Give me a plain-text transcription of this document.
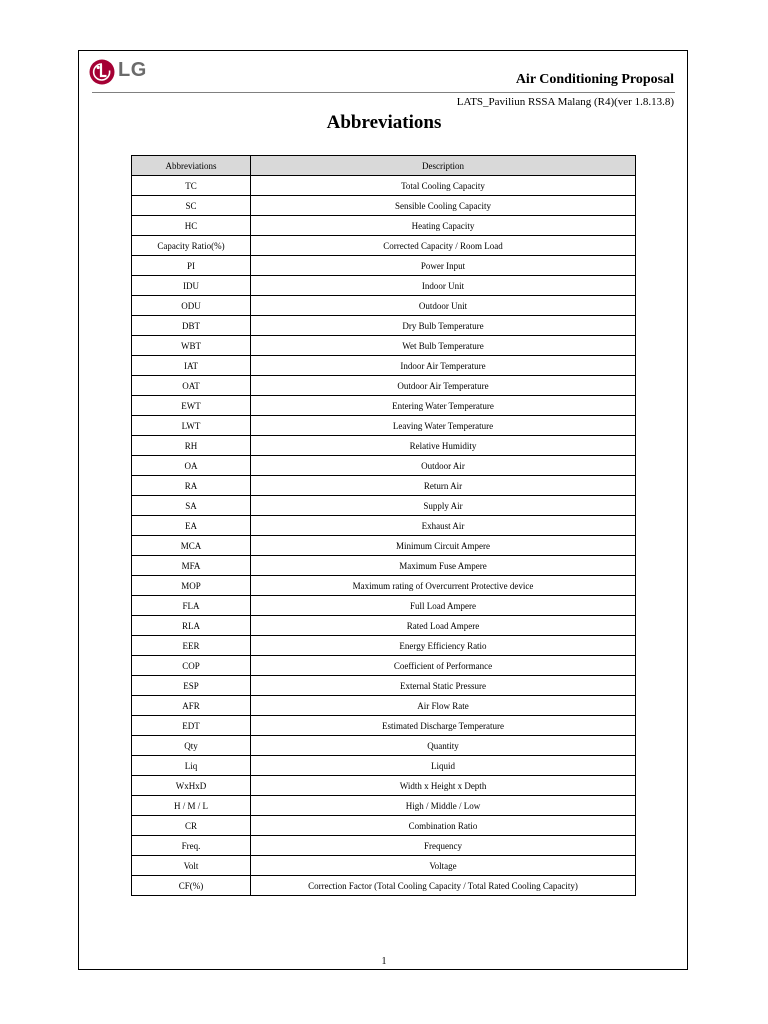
LG	Air Conditioning Proposal
LATS_Paviliun RSSA Malang (R4)(ver 1.8.13.8)
Abbreviations
Abbreviations	Description
TC	Total Cooling Capacity
SC	Sensible Cooling Capacity
HC	Heating Capacity
Capacity Ratio(%)	Corrected Capacity / Room Load
PI	Power Input
IDU	Indoor Unit
ODU	Outdoor Unit
DBT	Dry Bulb Temperature
WBT	Wet Bulb Temperature
IAT	Indoor Air Temperature
OAT	Outdoor Air Temperature
EWT	Entering Water Temperature
LWT	Leaving Water Temperature
RH	Relative Humidity
OA	Outdoor Air
RA	Return Air
SA	Supply Air
EA	Exhaust Air
MCA	Minimum Circuit Ampere
MFA	Maximum Fuse Ampere
MOP	Maximum rating of Overcurrent Protective device
FLA	Full Load Ampere
RLA	Rated Load Ampere
EER	Energy Efficiency Ratio
COP	Coefficient of Performance
ESP	External Static Pressure
AFR	Air Flow Rate
EDT	Estimated Discharge Temperature
Qty	Quantity
Liq	Liquid
WxHxD	Width x Height x Depth
H / M / L	High / Middle / Low
CR	Combination Ratio
Freq.	Frequency
Volt	Voltage
CF(%)	Correction Factor (Total Cooling Capacity / Total Rated Cooling Capacity)
1
